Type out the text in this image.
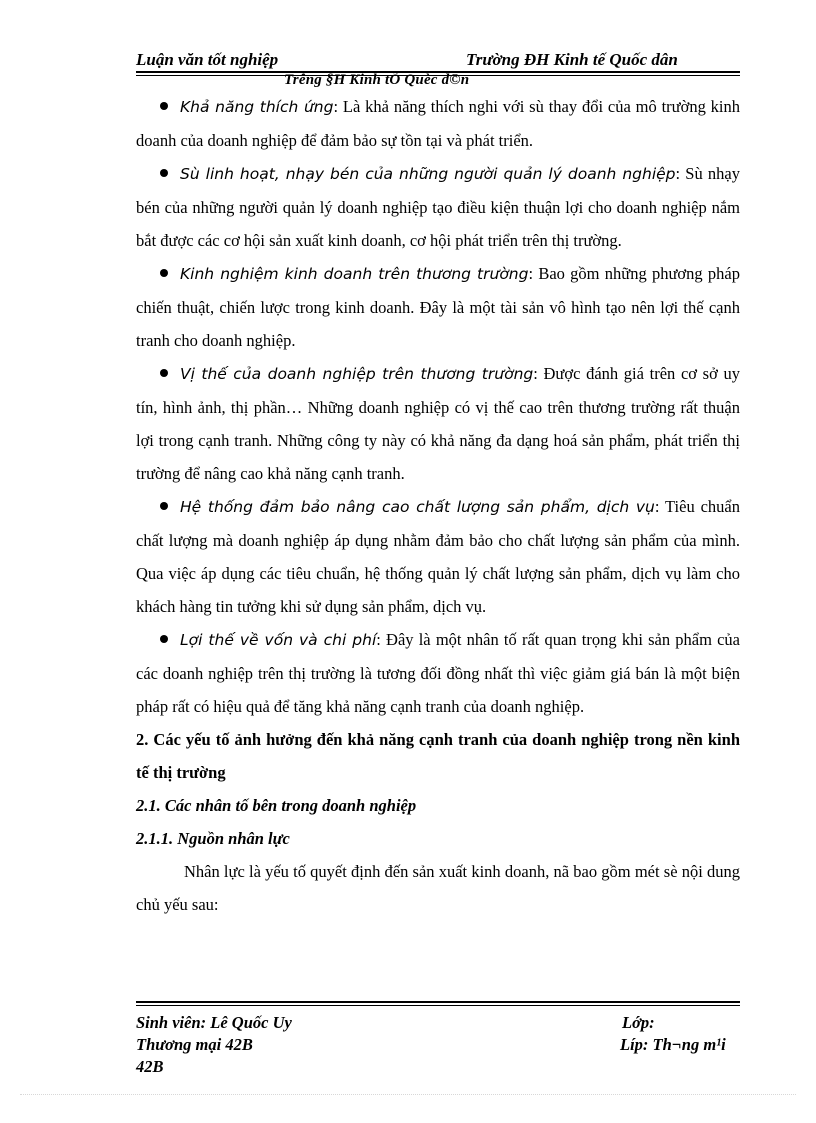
Luận văn tốt nghiệp	Trường ĐH Kinh tế Quốc dân
Trêng §H Kinh tÕ Quèc d©n

Khả năng thích ứng: Là khả năng thích nghi với sù thay đổi của mô trường kinh doanh của doanh nghiệp để đảm bảo sự tồn tại và phát triển.

Sù linh hoạt, nhạy bén của những người quản lý doanh nghiệp: Sù nhạy bén của những người quản lý doanh nghiệp tạo điều kiện thuận lợi cho doanh nghiệp nắm bắt được các cơ hội sản xuất kinh doanh, cơ hội phát triển trên thị trường.

Kinh nghiệm kinh doanh trên thương trường: Bao gồm những phương pháp chiến thuật, chiến lược trong kinh doanh. Đây là một tài sản vô hình tạo nên lợi thế cạnh tranh cho doanh nghiệp.

Vị thế của doanh nghiệp trên thương trường: Được đánh giá trên cơ sở uy tín, hình ảnh, thị phần… Những doanh nghiệp có vị thế cao trên thương trường rất thuận lợi trong cạnh tranh. Những công ty này có khả năng đa dạng hoá sản phẩm, phát triển thị trường để nâng cao khả năng cạnh tranh.

Hệ thống đảm bảo nâng cao chất lượng sản phẩm, dịch vụ: Tiêu chuẩn chất lượng mà doanh nghiệp áp dụng nhằm đảm bảo cho chất lượng sản phẩm của mình. Qua việc áp dụng các tiêu chuẩn, hệ thống quản lý chất lượng sản phẩm, dịch vụ làm cho khách hàng tin tưởng khi sử dụng sản phẩm, dịch vụ.

Lợi thế về vốn và chi phí: Đây là một nhân tố rất quan trọng khi sản phẩm của các doanh nghiệp trên thị trường là tương đối đồng nhất thì việc giảm giá bán là một biện pháp rất có hiệu quả để tăng khả năng cạnh tranh của doanh nghiệp.

2. Các yếu tố ảnh hưởng đến khả năng cạnh tranh của doanh nghiệp trong nền kinh tế thị trường

2.1. Các nhân tố bên trong doanh nghiệp

2.1.1. Nguồn nhân lực

Nhân lực là yếu tố quyết định đến sản xuất kinh doanh, nã bao gồm mét sè nội dung chủ yếu sau:

Sinh viên: Lê Quốc Uy	Lớp:
Thương mại 42B	Líp: Th¬ng m¹i
42B
